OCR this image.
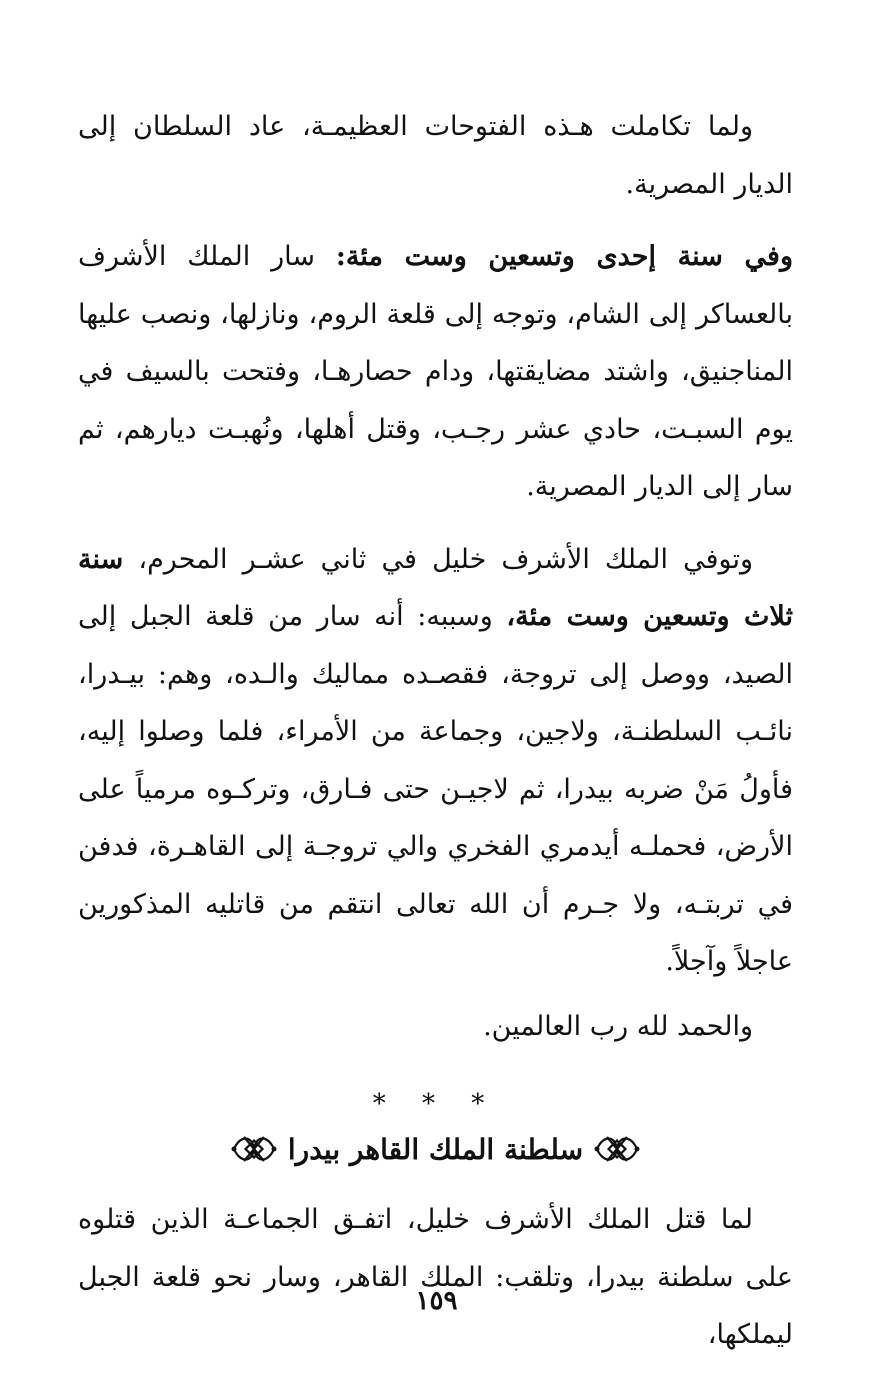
ولما تكاملت هـذه الفتوحات العظيمـة، عاد السلطان إلى الديار المصرية.

وفي سنة إحدى وتسعين وست مئة: سار الملك الأشرف بالعساكر إلى الشام، وتوجه إلى قلعة الروم، ونازلها، ونصب عليها المناجنيق، واشتد مضايقتها، ودام حصارهـا، وفتحت بالسيف في يوم السبـت، حادي عشر رجـب، وقتل أهلها، ونُهبـت ديارهم، ثم سار إلى الديار المصرية.

وتوفي الملك الأشرف خليل في ثاني عشـر المحرم، سنة ثلاث وتسعين وست مئة، وسببه: أنه سار من قلعة الجبل إلى الصيد، ووصل إلى تروجة، فقصـده مماليك والـده، وهم: بيـدرا، نائـب السلطنـة، ولاجين، وجماعة من الأمراء، فلما وصلوا إليه، فأولُ مَنْ ضربه بيدرا، ثم لاجيـن حتى فـارق، وتركـوه مرمياً على الأرض، فحملـه أيدمري الفخري والي تروجـة إلى القاهـرة، فدفن في تربتـه، ولا جـرم أن الله تعالى انتقم من قاتليه المذكورين عاجلاً وآجلاً.

والحمد لله رب العالمين.

* * *
سلطنة الملك القاهر بيدرا

لما قتل الملك الأشرف خليل، اتفـق الجماعـة الذين قتلوه على سلطنة بيدرا، وتلقب: الملك القاهر، وسار نحو قلعة الجبل ليملكها،

١٥٩
